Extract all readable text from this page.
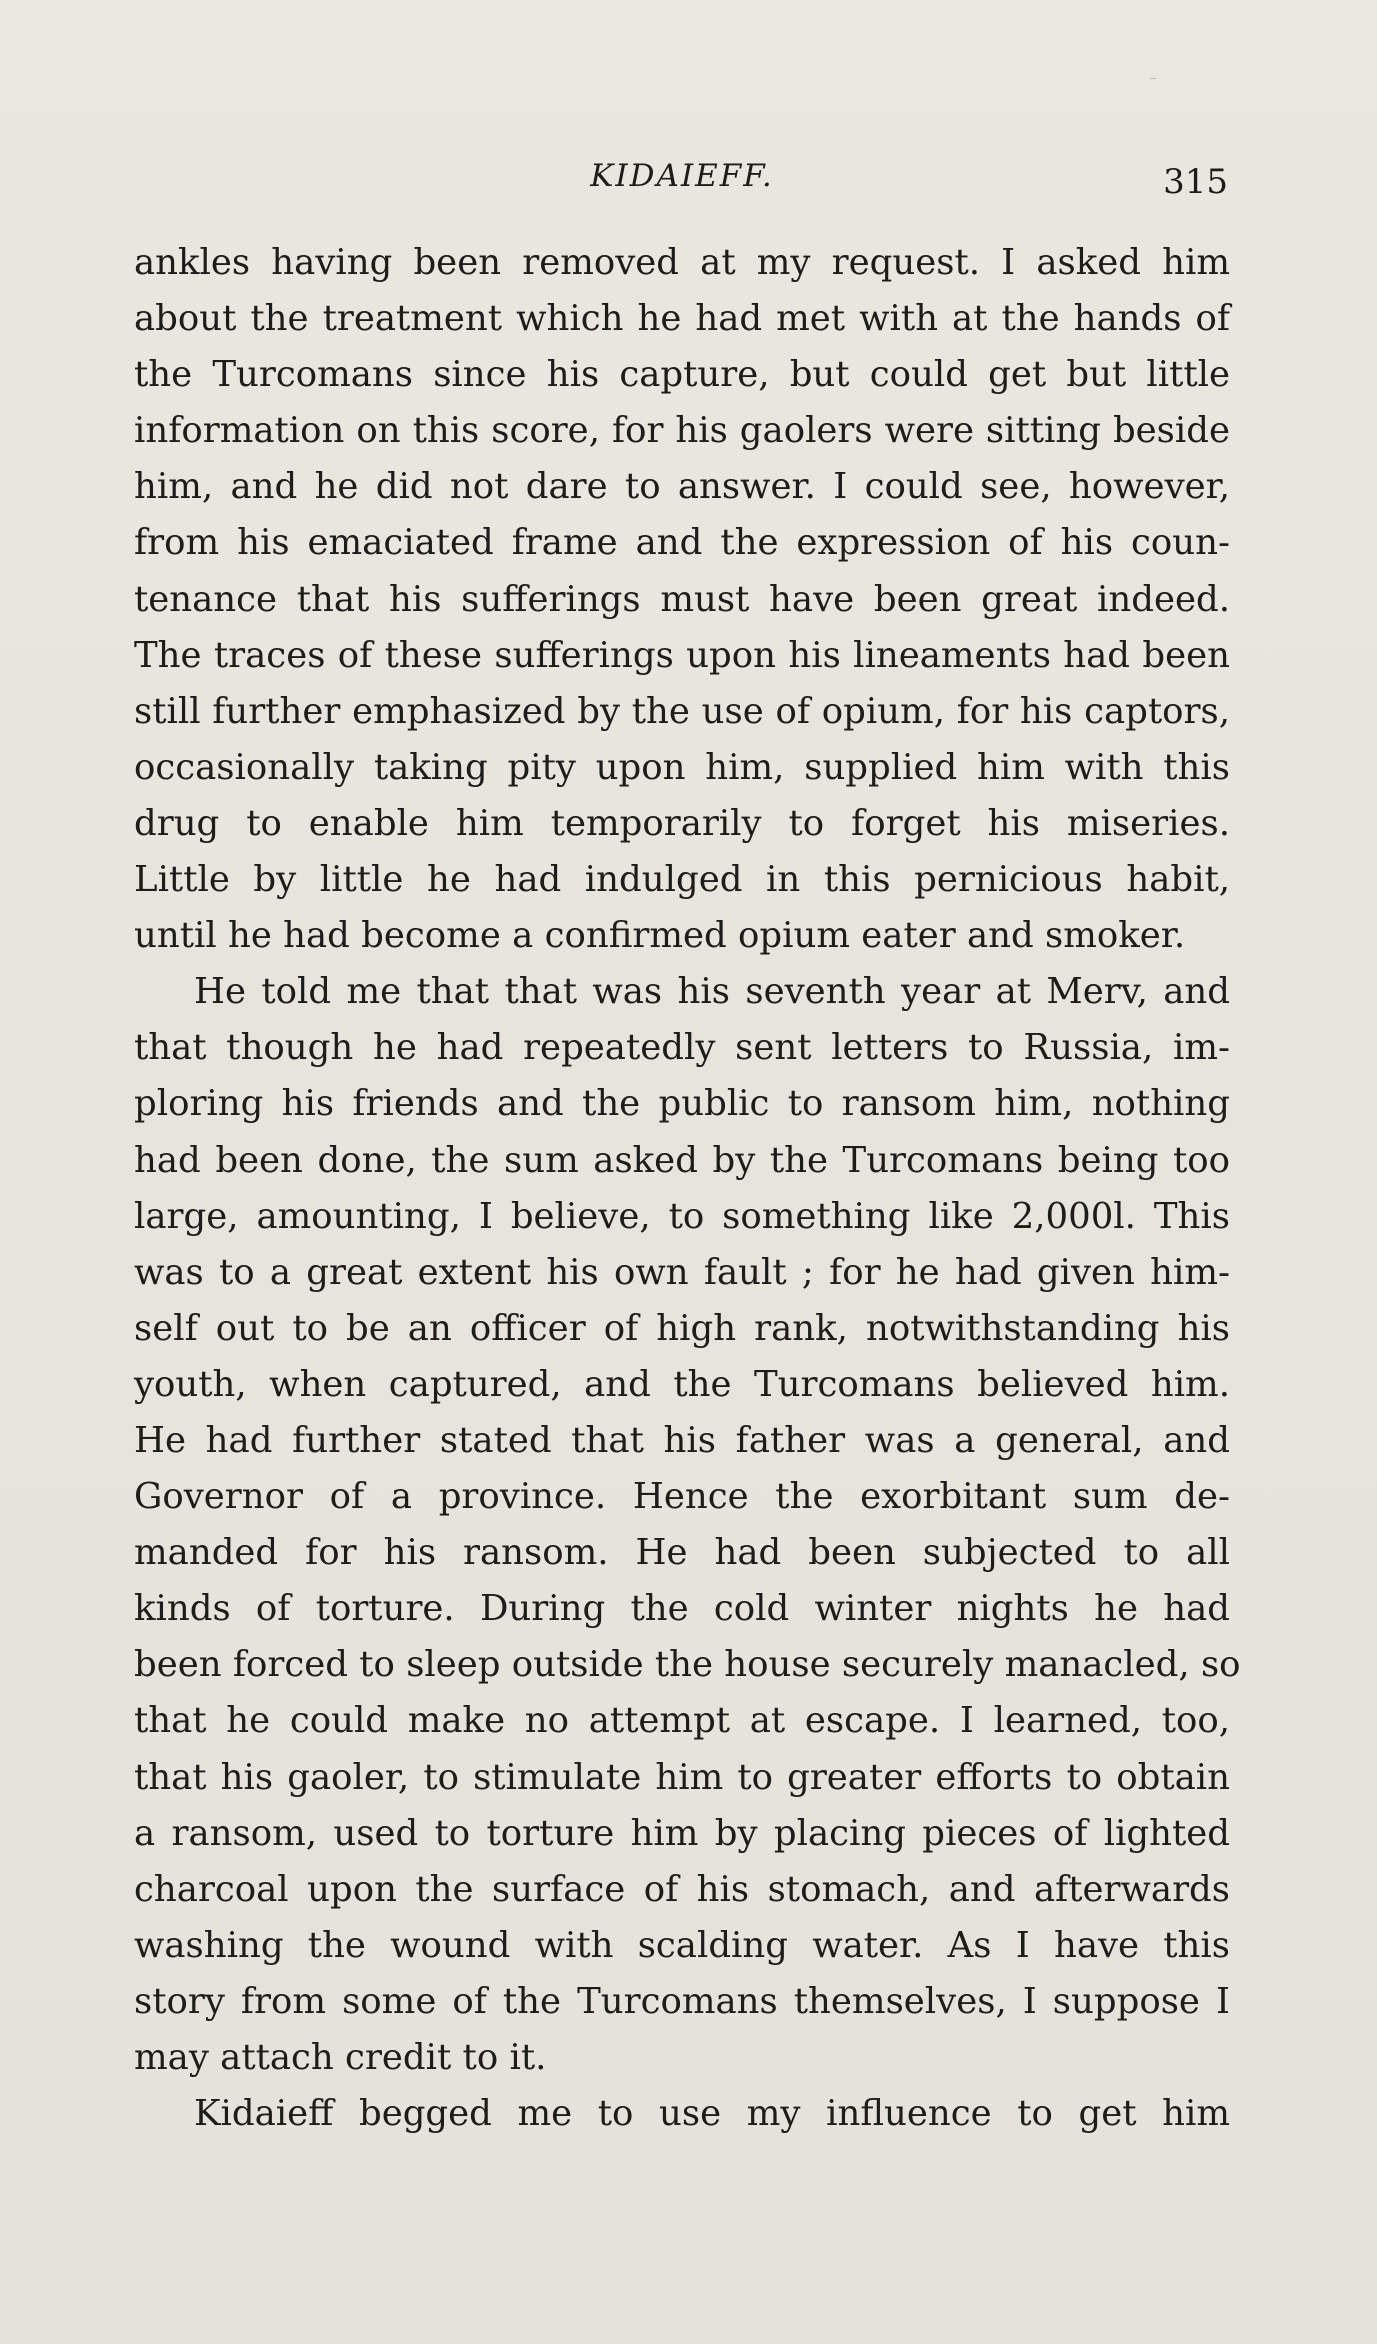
KIDAIEFF.	315
ankles having been removed at my request. I asked him
about the treatment which he had met with at the hands of
the Turcomans since his capture, but could get but little
information on this score, for his gaolers were sitting beside
him, and he did not dare to answer. I could see, however,
from his emaciated frame and the expression of his coun-
tenance that his sufferings must have been great indeed.
The traces of these sufferings upon his lineaments had been
still further emphasized by the use of opium, for his captors,
occasionally taking pity upon him, supplied him with this
drug to enable him temporarily to forget his miseries.
Little by little he had indulged in this pernicious habit,
until he had become a confirmed opium eater and smoker.
He told me that that was his seventh year at Merv, and
that though he had repeatedly sent letters to Russia, im-
ploring his friends and the public to ransom him, nothing
had been done, the sum asked by the Turcomans being too
large, amounting, I believe, to something like 2,000l. This
was to a great extent his own fault ; for he had given him-
self out to be an officer of high rank, notwithstanding his
youth, when captured, and the Turcomans believed him.
He had further stated that his father was a general, and
Governor of a province. Hence the exorbitant sum de-
manded for his ransom. He had been subjected to all
kinds of torture. During the cold winter nights he had
been forced to sleep outside the house securely manacled, so
that he could make no attempt at escape. I learned, too,
that his gaoler, to stimulate him to greater efforts to obtain
a ransom, used to torture him by placing pieces of lighted
charcoal upon the surface of his stomach, and afterwards
washing the wound with scalding water. As I have this
story from some of the Turcomans themselves, I suppose I
may attach credit to it.
Kidaieff begged me to use my influence to get him
